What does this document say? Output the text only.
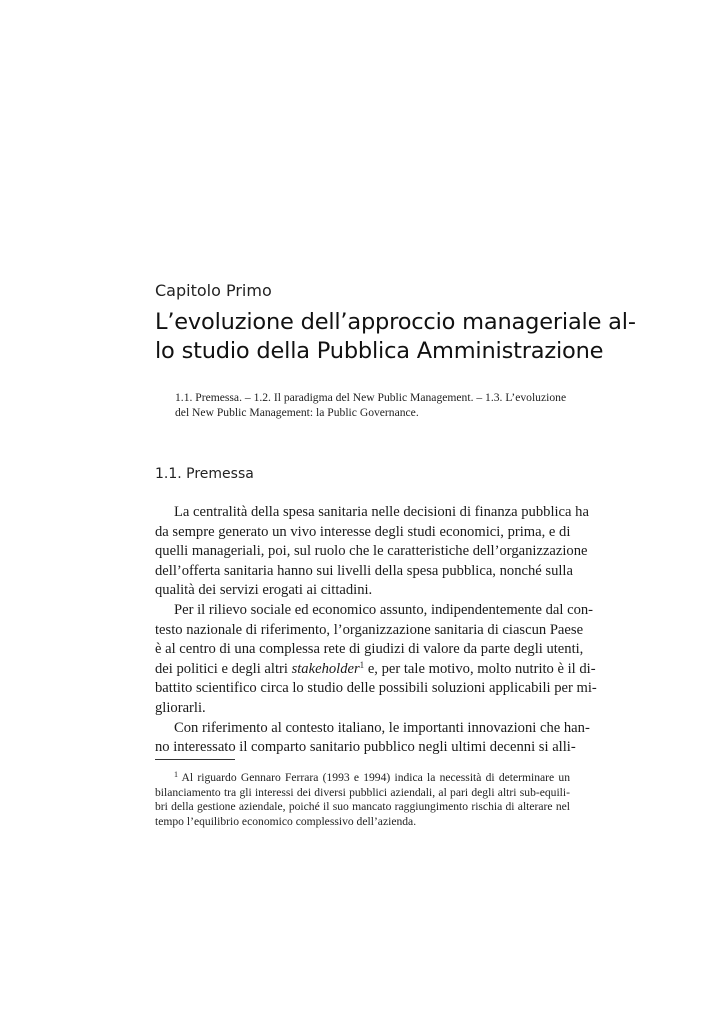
Capitolo Primo
L’evoluzione dell’approccio manageriale al-
lo studio della Pubblica Amministrazione
1.1. Premessa. – 1.2. Il paradigma del New Public Management. – 1.3. L’evoluzione
del New Public Management: la Public Governance.
1.1. Premessa
La centralità della spesa sanitaria nelle decisioni di finanza pubblica ha
da sempre generato un vivo interesse degli studi economici, prima, e di
quelli manageriali, poi, sul ruolo che le caratteristiche dell’organizzazione
dell’offerta sanitaria hanno sui livelli della spesa pubblica, nonché sulla
qualità dei servizi erogati ai cittadini.
Per il rilievo sociale ed economico assunto, indipendentemente dal con-
testo nazionale di riferimento, l’organizzazione sanitaria di ciascun Paese
è al centro di una complessa rete di giudizi di valore da parte degli utenti,
dei politici e degli altri stakeholder$^1$ e, per tale motivo, molto nutrito è il di-
battito scientifico circa lo studio delle possibili soluzioni applicabili per mi-
gliorarli.
Con riferimento al contesto italiano, le importanti innovazioni che han-
no interessato il comparto sanitario pubblico negli ultimi decenni si alli-
$^1$ Al riguardo Gennaro Ferrara (1993 e 1994) indica la necessità di determinare un
bilanciamento tra gli interessi dei diversi pubblici aziendali, al pari degli altri sub-equili-
bri della gestione aziendale, poiché il suo mancato raggiungimento rischia di alterare nel
tempo l’equilibrio economico complessivo dell’azienda.
